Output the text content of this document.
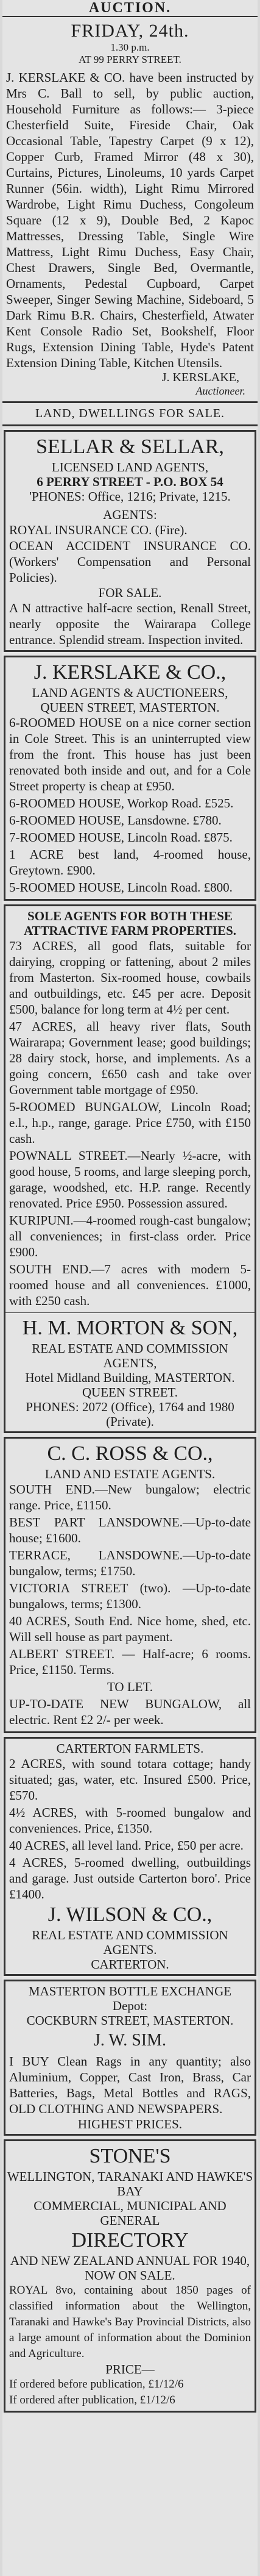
AUCTION.
FRIDAY, 24th.
1.30 p.m.
AT 99 PERRY STREET.
J. KERSLAKE & CO. have been instructed by Mrs C. Ball to sell, by public auction, Household Furniture as follows:— 3-piece Chesterfield Suite, Fireside Chair, Oak Occasional Table, Tapestry Carpet (9 x 12), Copper Curb, Framed Mirror (48 x 30), Curtains, Pictures, Linoleums, 10 yards Carpet Runner (56in. width), Light Rimu Mirrored Wardrobe, Light Rimu Duchess, Congoleum Square (12 x 9), Double Bed, 2 Kapoc Mattresses, Dressing Table, Single Wire Mattress, Light Rimu Duchess, Easy Chair, Chest Drawers, Single Bed, Overmantle, Ornaments, Pedestal Cupboard, Carpet Sweeper, Singer Sewing Machine, Sideboard, 5 Dark Rimu B.R. Chairs, Chesterfield, Atwater Kent Console Radio Set, Bookshelf, Floor Rugs, Extension Dining Table, Hyde's Patent Extension Dining Table, Kitchen Utensils.
J. KERSLAKE,
Auctioneer.
LAND, DWELLINGS FOR SALE.
SELLAR & SELLAR,
LICENSED LAND AGENTS,
6 PERRY STREET - P.O. BOX 54
'PHONES: Office, 1216; Private, 1215.
AGENTS:
ROYAL INSURANCE CO. (Fire).
OCEAN ACCIDENT INSURANCE CO. (Workers' Compensation and Personal Policies).
FOR SALE.
A N attractive half-acre section, Renall Street, nearly opposite the Wairarapa College entrance. Splendid stream. Inspection invited.
J. KERSLAKE & CO.,
LAND AGENTS & AUCTIONEERS,
QUEEN STREET, MASTERTON.

6-ROOMED HOUSE on a nice corner section in Cole Street. This is an uninterrupted view from the front. This house has just been renovated both inside and out, and for a Cole Street property is cheap at £950.

6-ROOMED HOUSE, Workop Road. £525.

6-ROOMED HOUSE, Lansdowne. £780.

7-ROOMED HOUSE, Lincoln Road. £875.

1 ACRE best land, 4-roomed house, Greytown. £900.

5-ROOMED HOUSE, Lincoln Road. £800.

SOLE AGENTS FOR BOTH THESE ATTRACTIVE FARM PROPERTIES.

73 ACRES, all good flats, suitable for dairying, cropping or fattening, about 2 miles from Masterton. Six-roomed house, cowbails and outbuildings, etc. £45 per acre. Deposit £500, balance for long term at 4½ per cent.

47 ACRES, all heavy river flats, South Wairarapa; Government lease; good buildings; 28 dairy stock, horse, and implements. As a going concern, £650 cash and take over Government table mortgage of £950.

5-ROOMED BUNGALOW, Lincoln Road; e.l., h.p., range, garage. Price £750, with £150 cash.

POWNALL STREET.—Nearly ½-acre, with good house, 5 rooms, and large sleeping porch, garage, woodshed, etc. H.P. range. Recently renovated. Price £950. Possession assured.

KURIPUNI.—4-roomed rough-cast bungalow; all conveniences; in first-class order. Price £900.

SOUTH END.—7 acres with modern 5-roomed house and all conveniences. £1000, with £250 cash.

H. M. MORTON & SON,
REAL ESTATE AND COMMISSION AGENTS,
Hotel Midland Building, MASTERTON.
QUEEN STREET.
PHONES: 2072 (Office), 1764 and 1980 (Private).
C. C. ROSS & CO.,
LAND AND ESTATE AGENTS.

SOUTH END.—New bungalow; electric range. Price, £1150.

BEST PART LANSDOWNE.—Up-to-date house; £1600.

TERRACE, LANSDOWNE.—Up-to-date bungalow, terms; £1750.

VICTORIA STREET (two). —Up-to-date bungalows, terms; £1300.

40 ACRES, South End. Nice home, shed, etc. Will sell house as part payment.

ALBERT STREET. — Half-acre; 6 rooms. Price, £1150. Terms.

TO LET.

UP-TO-DATE NEW BUNGALOW, all electric. Rent £2 2/- per week.

CARTERTON FARMLETS.

2 ACRES, with sound totara cottage; handy situated; gas, water, etc. Insured £500. Price, £570.

4½ ACRES, with 5-roomed bungalow and conveniences. Price, £1350.

40 ACRES, all level land. Price, £50 per acre.

4 ACRES, 5-roomed dwelling, outbuildings and garage. Just outside Carterton boro'. Price £1400.

J. WILSON & CO.,
REAL ESTATE AND COMMISSION AGENTS.
CARTERTON.
MASTERTON BOTTLE EXCHANGE
Depot:
COCKBURN STREET, MASTERTON.
J. W. SIM.
I BUY Clean Rags in any quantity; also Aluminium, Copper, Cast Iron, Brass, Car Batteries, Bags, Metal Bottles and RAGS, OLD CLOTHING AND NEWSPAPERS.
HIGHEST PRICES.
STONE'S
WELLINGTON, TARANAKI AND HAWKE'S BAY
COMMERCIAL, MUNICIPAL AND GENERAL
DIRECTORY
AND NEW ZEALAND ANNUAL FOR 1940,
NOW ON SALE.
ROYAL 8vo, containing about 1850 pages of classified information about the Wellington, Taranaki and Hawke's Bay Provincial Districts, also a large amount of information about the Dominion and Agriculture.
PRICE—
If ordered before publication, £1/12/6
If ordered after publication, £1/12/6
